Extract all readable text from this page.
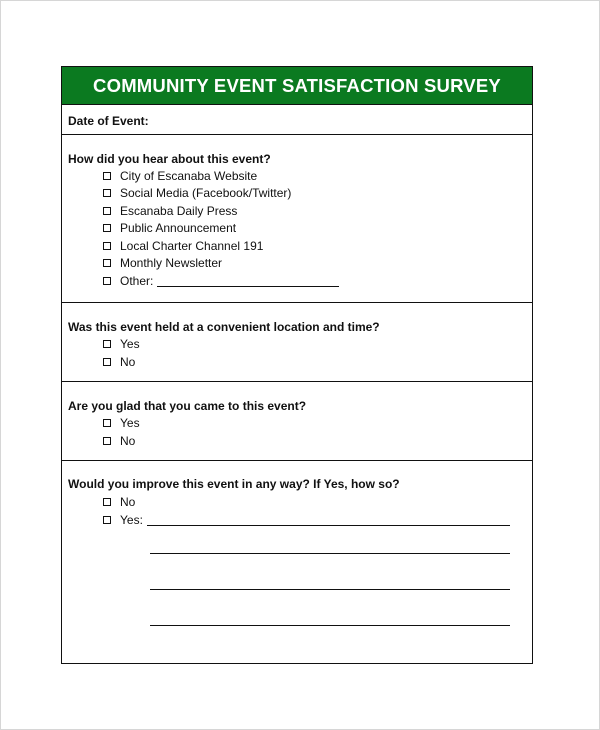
COMMUNITY EVENT SATISFACTION SURVEY
Date of Event:
How did you hear about this event?
City of Escanaba Website
Social Media (Facebook/Twitter)
Escanaba Daily Press
Public Announcement
Local Charter Channel 191
Monthly Newsletter
Other:
Was this event held at a convenient location and time?
Yes
No
Are you glad that you came to this event?
Yes
No
Would you improve this event in any way? If Yes, how so?
No
Yes:
